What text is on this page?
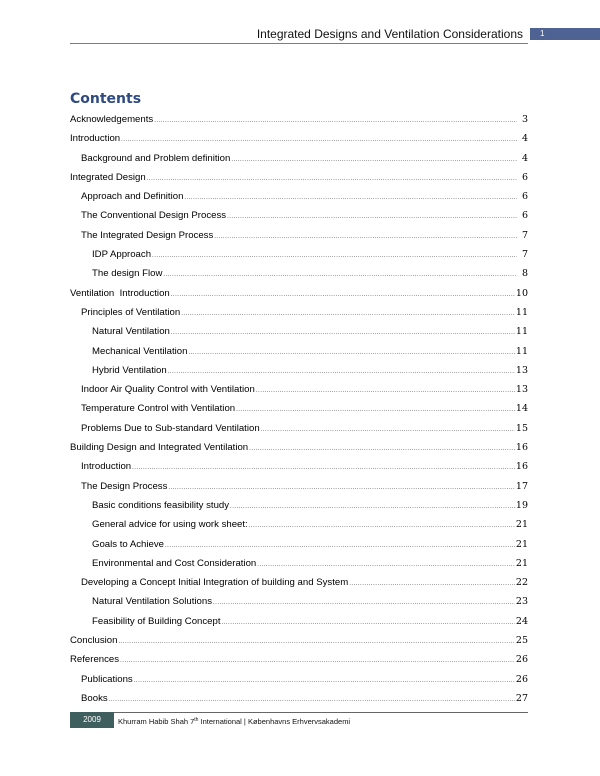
Integrated Designs and Ventilation Considerations	1
Contents
Acknowledgements .....	3
Introduction .....	4
Background and Problem definition .....	4
Integrated Design .....	6
Approach and Definition .....	6
The Conventional Design Process .....	6
The Integrated Design Process .....	7
IDP Approach .....	7
The design Flow .....	8
Ventilation  Introduction .....	10
Principles of Ventilation .....	11
Natural Ventilation .....	11
Mechanical Ventilation .....	11
Hybrid Ventilation .....	13
Indoor Air Quality Control with Ventilation .....	13
Temperature Control with Ventilation .....	14
Problems Due to Sub-standard Ventilation .....	15
Building Design and Integrated Ventilation .....	16
Introduction .....	16
The Design Process .....	17
Basic conditions feasibility study .....	19
General advice for using work sheet: .....	21
Goals to Achieve .....	21
Environmental and Cost Consideration .....	21
Developing a Concept Initial Integration of building and System .....	22
Natural Ventilation Solutions .....	23
Feasibility of Building Concept .....	24
Conclusion .....	25
References .....	26
Publications .....	26
Books .....	27
2009	Khurram Habib Shah 7th International | Københavns Erhvervsakademi
